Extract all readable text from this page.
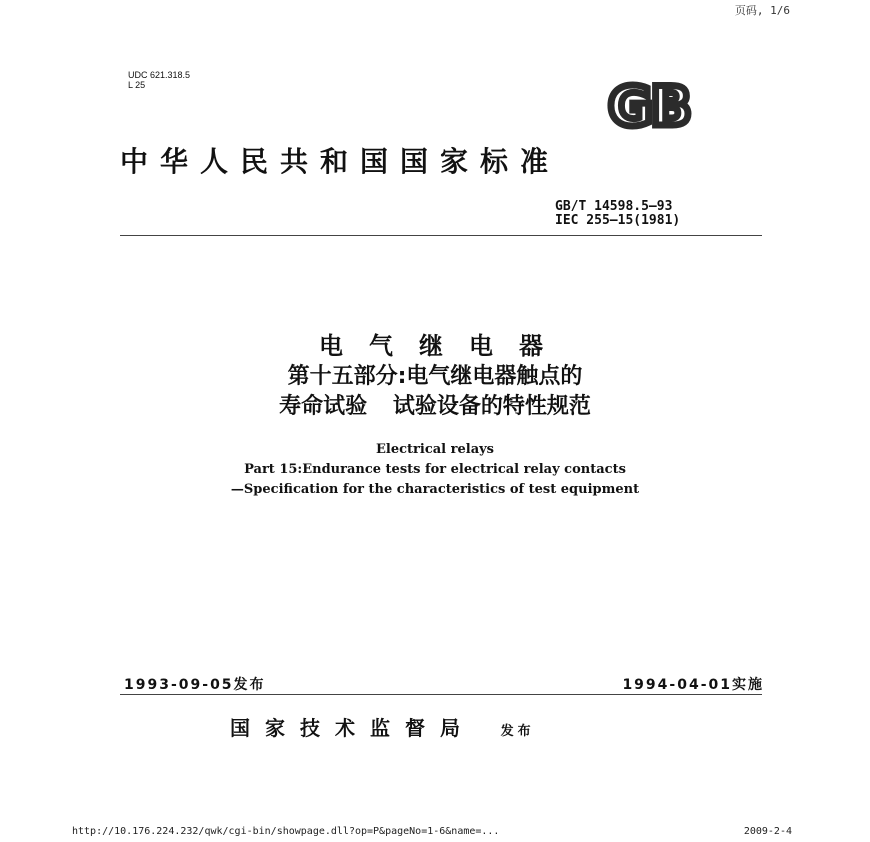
页码, 1/6
UDC 621.318.5
L 25	GB
中华人民共和国国家标准
GB/T 14598.5—93
IEC 255—15(1981)
电气继电器
第十五部分:电气继电器触点的
寿命试验 试验设备的特性规范
Electrical relays
Part 15:Endurance tests for electrical relay contacts
—Specification for the characteristics of test equipment
1993-09-05发布	1994-04-01实施
国家技术监督局 发布
http://10.176.224.232/qwk/cgi-bin/showpage.dll?op=P&pageNo=1-6&name=...	2009-2-4
